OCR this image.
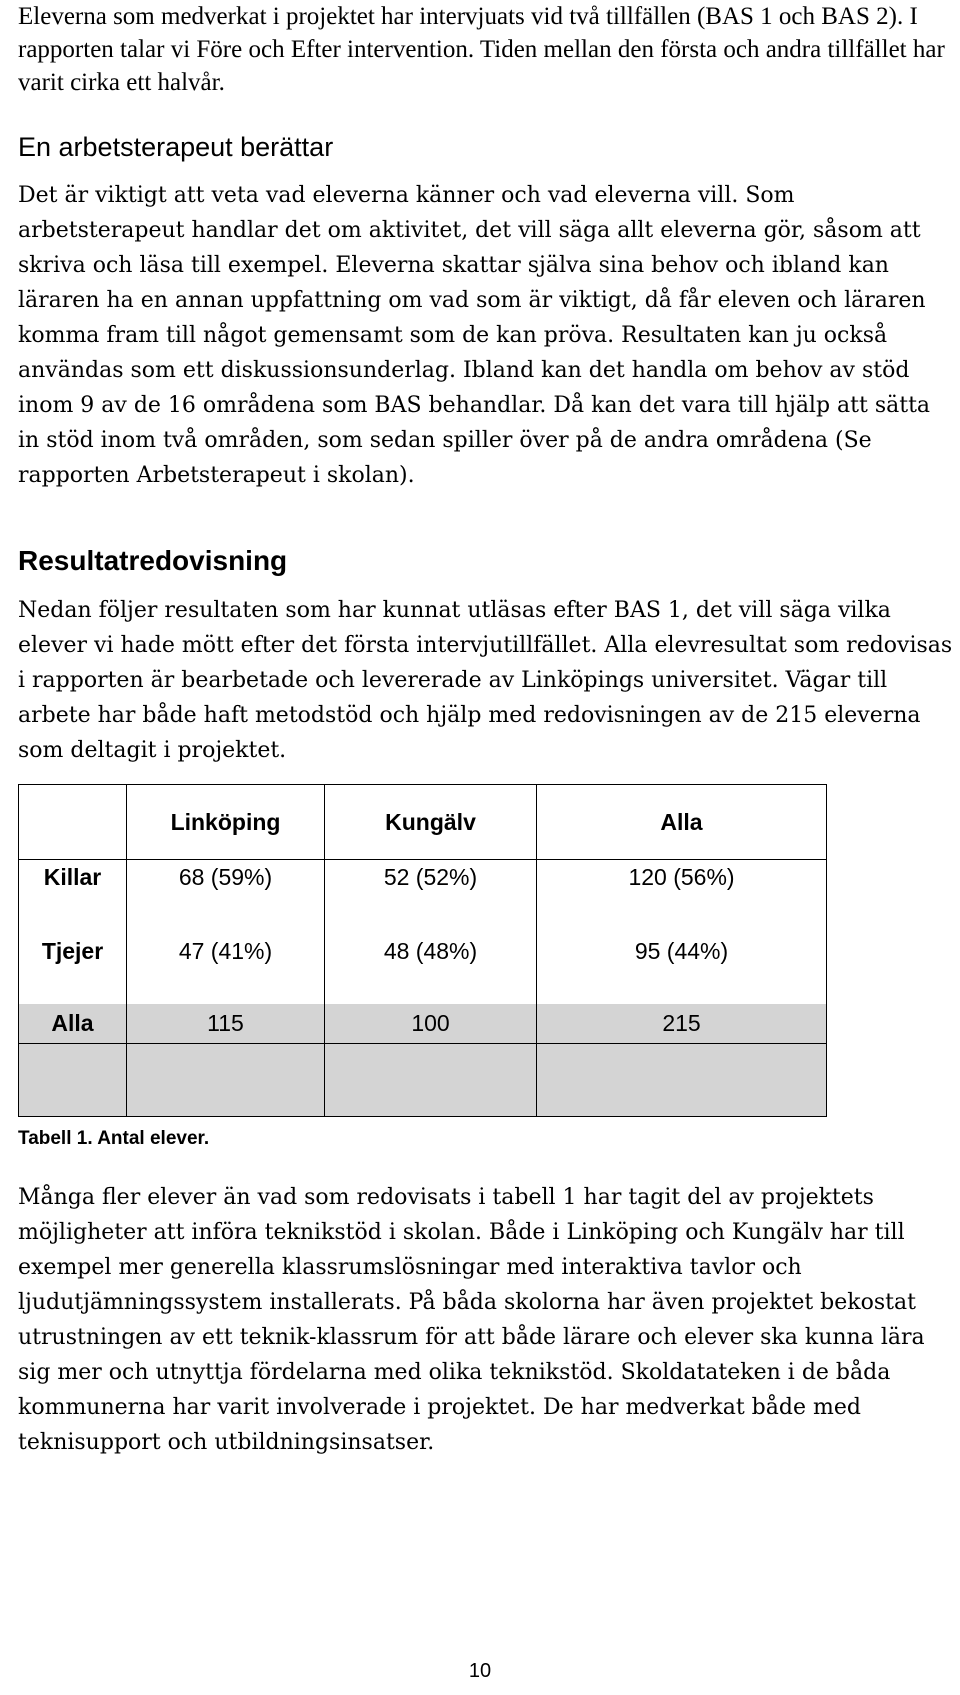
Eleverna som medverkat i projektet har intervjuats vid två tillfällen (BAS 1 och BAS 2). I rapporten talar vi Före och Efter intervention. Tiden mellan den första och andra tillfället har varit cirka ett halvår.
En arbetsterapeut berättar
Det är viktigt att veta vad eleverna känner och vad eleverna vill. Som arbetsterapeut handlar det om aktivitet, det vill säga allt eleverna gör, såsom att skriva och läsa till exempel. Eleverna skattar själva sina behov och ibland kan läraren ha en annan uppfattning om vad som är viktigt, då får eleven och läraren komma fram till något gemensamt som de kan pröva. Resultaten kan ju också användas som ett diskussionsunderlag. Ibland kan det handla om behov av stöd inom 9 av de 16 områdena som BAS behandlar. Då kan det vara till hjälp att sätta in stöd inom två områden, som sedan spiller över på de andra områdena (Se rapporten Arbetsterapeut i skolan).
Resultatredovisning
Nedan följer resultaten som har kunnat utläsas efter BAS 1, det vill säga vilka elever vi hade mött efter det första intervjutillfället. Alla elevresultat som redovisas i rapporten är bearbetade och levererade av Linköpings universitet. Vägar till arbete har både haft metodstöd och hjälp med redovisningen av de 215 eleverna som deltagit i projektet.
	Linköping	Kungälv	Alla
Killar	68 (59%)	52 (52%)	120 (56%)

Tjejer	47 (41%)	48 (48%)	95 (44%)

Alla	115	100	215

Tabell 1. Antal elever.
Många fler elever än vad som redovisats i tabell 1 har tagit del av projektets möjligheter att införa teknikstöd i skolan. Både i Linköping och Kungälv har till exempel mer generella klassrumslösningar med interaktiva tavlor och ljudutjämningssystem installerats. På båda skolorna har även projektet bekostat utrustningen av ett teknik-klassrum för att både lärare och elever ska kunna lära sig mer och utnyttja fördelarna med olika teknikstöd. Skoldatateken i de båda kommunerna har varit involverade i projektet. De har medverkat både med teknisupport och utbildningsinsatser.
10
